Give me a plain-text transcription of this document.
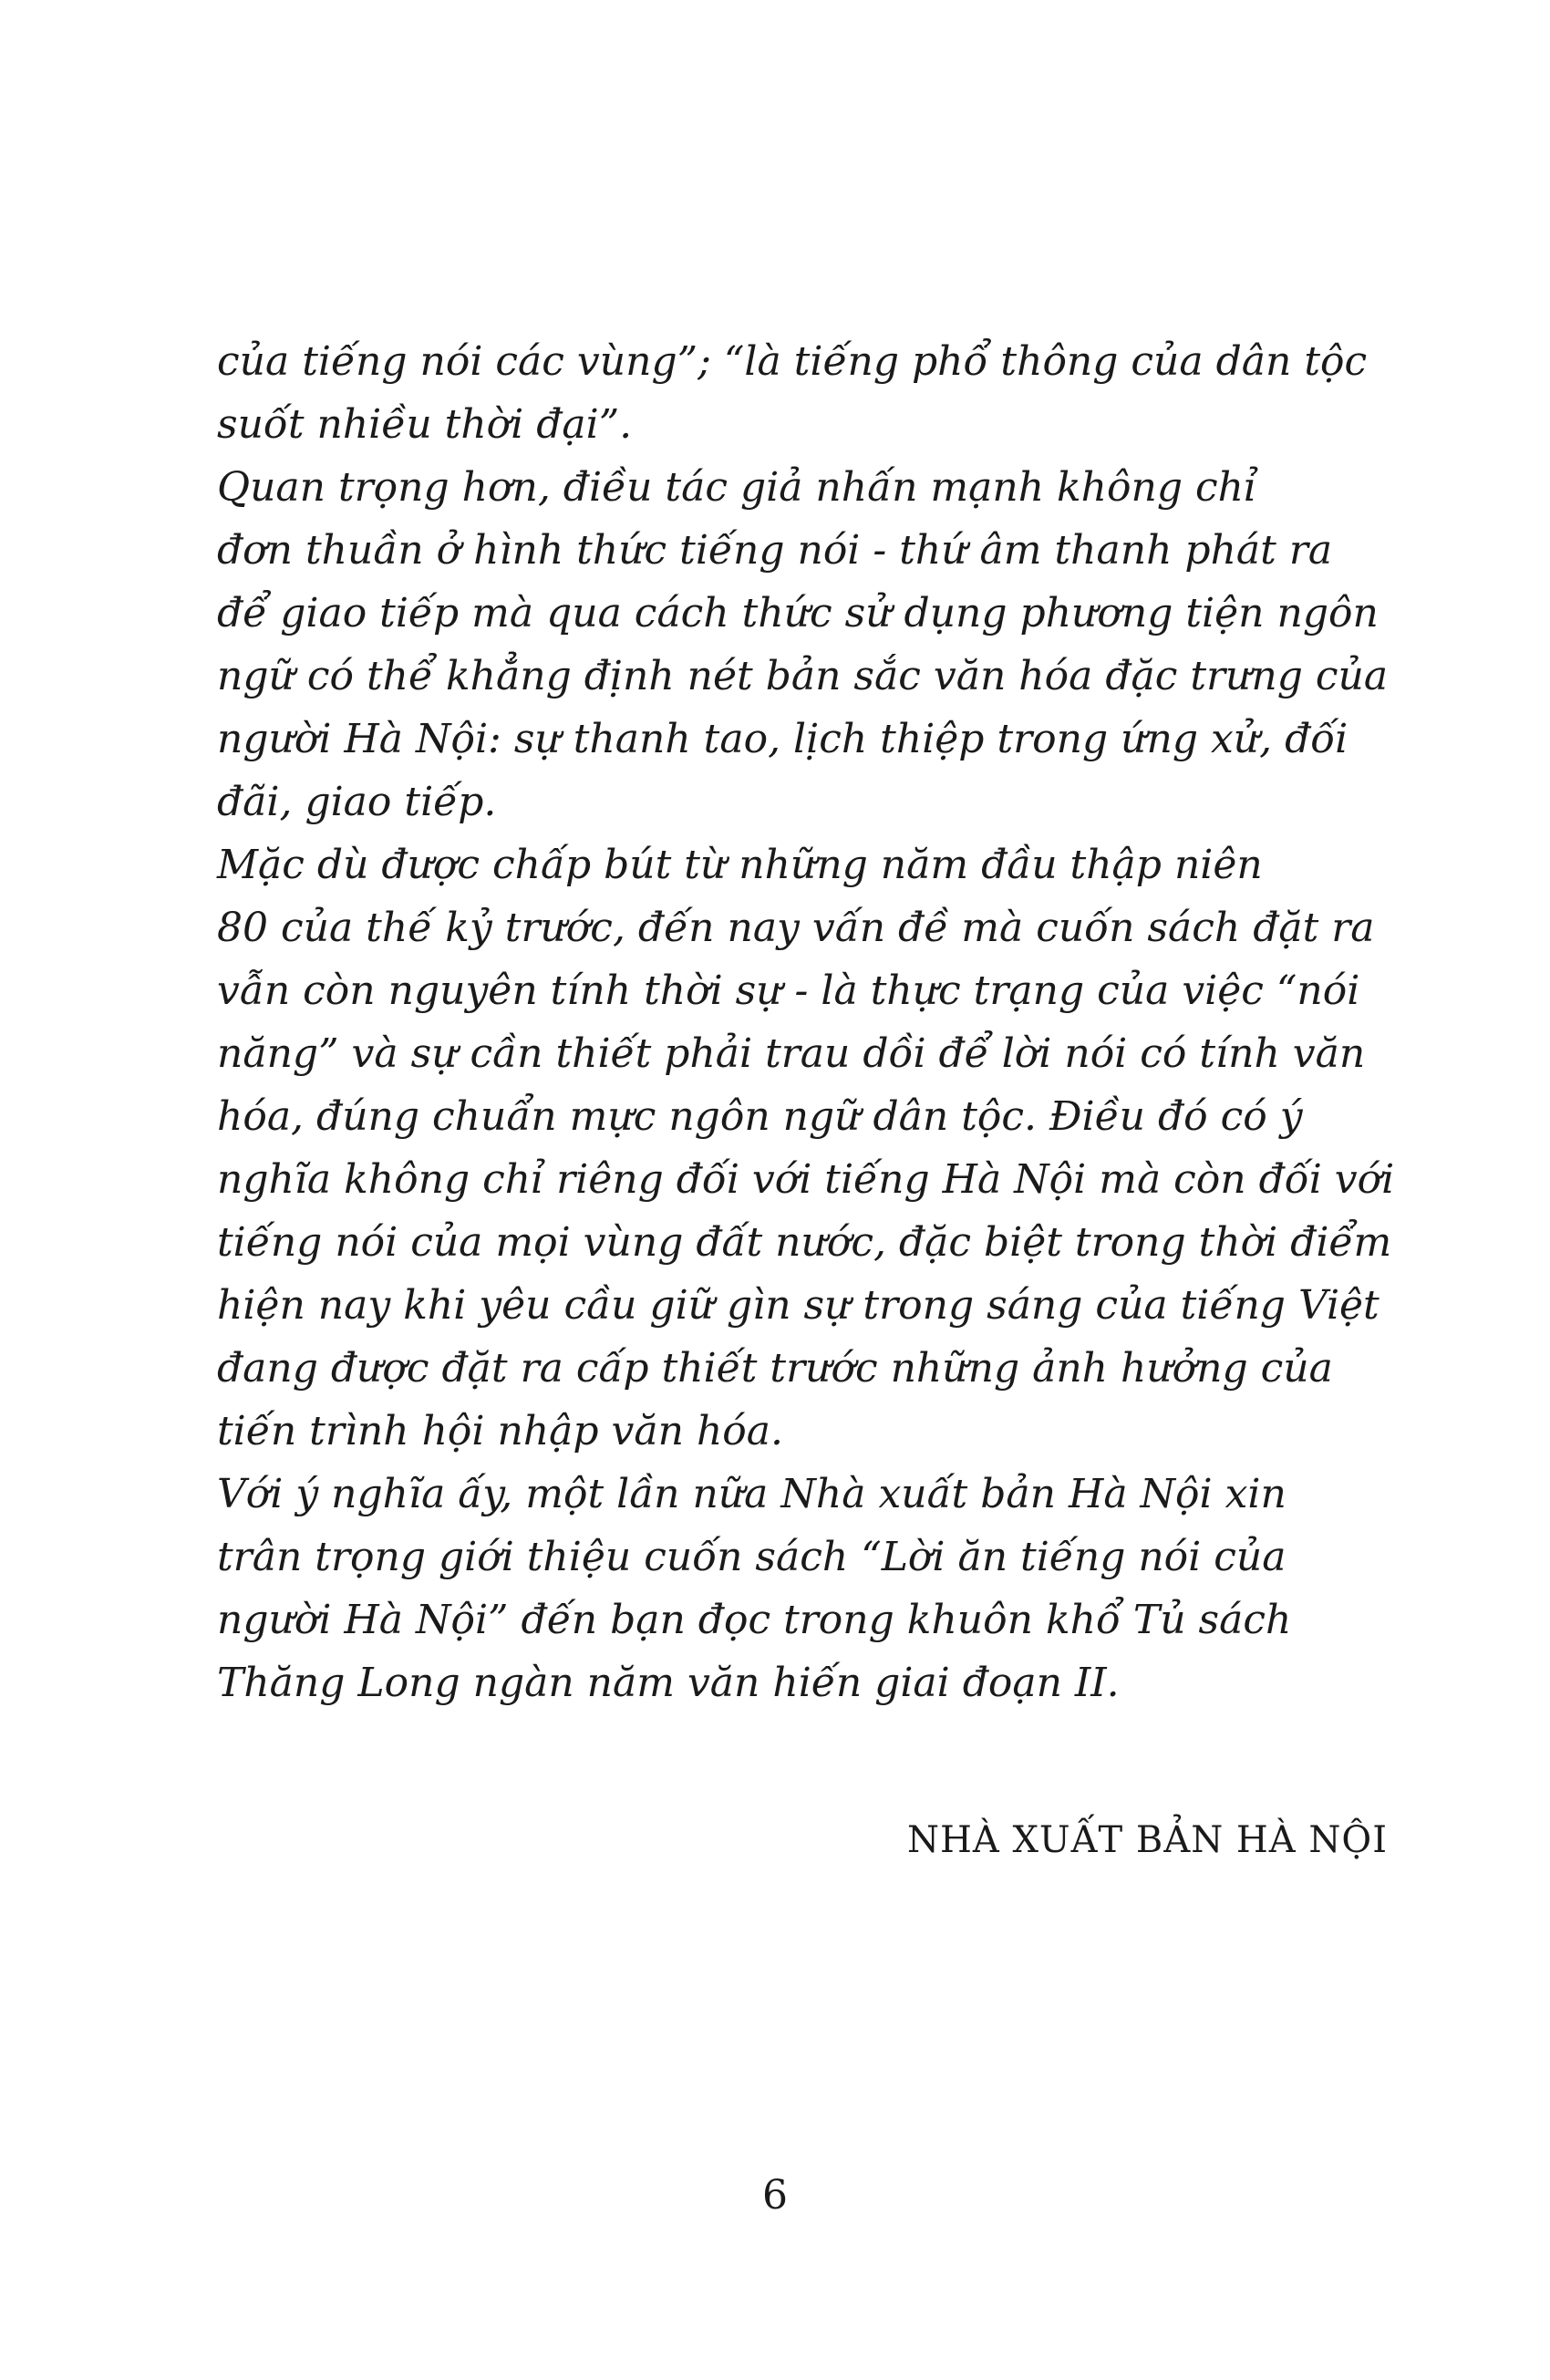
của tiếng nói các vùng”; “là tiếng phổ thông của dân tộc
suốt nhiều thời đại”.
Quan trọng hơn, điều tác giả nhấn mạnh không chỉ
đơn thuần ở hình thức tiếng nói - thứ âm thanh phát ra
để giao tiếp mà qua cách thức sử dụng phương tiện ngôn
ngữ có thể khẳng định nét bản sắc văn hóa đặc trưng của
người Hà Nội: sự thanh tao, lịch thiệp trong ứng xử, đối
đãi, giao tiếp.
Mặc dù được chấp bút từ những năm đầu thập niên
80 của thế kỷ trước, đến nay vấn đề mà cuốn sách đặt ra
vẫn còn nguyên tính thời sự - là thực trạng của việc “nói
năng” và sự cần thiết phải trau dồi để lời nói có tính văn
hóa, đúng chuẩn mực ngôn ngữ dân tộc. Điều đó có ý
nghĩa không chỉ riêng đối với tiếng Hà Nội mà còn đối với
tiếng nói của mọi vùng đất nước, đặc biệt trong thời điểm
hiện nay khi yêu cầu giữ gìn sự trong sáng của tiếng Việt
đang được đặt ra cấp thiết trước những ảnh hưởng của
tiến trình hội nhập văn hóa.
Với ý nghĩa ấy, một lần nữa Nhà xuất bản Hà Nội xin
trân trọng giới thiệu cuốn sách “Lời ăn tiếng nói của
người Hà Nội” đến bạn đọc trong khuôn khổ Tủ sách
Thăng Long ngàn năm văn hiến giai đoạn II.
NHÀ XUẤT BẢN HÀ NỘI
6
